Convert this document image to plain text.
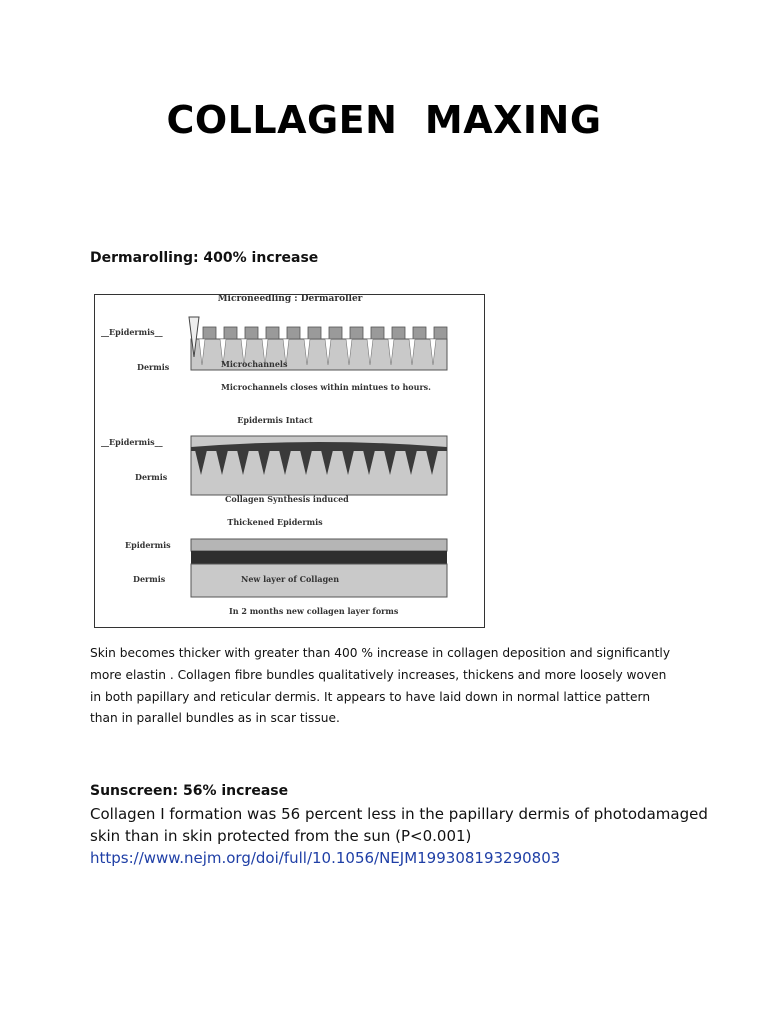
COLLAGEN  MAXING
Dermarolling: 400% increase
Microneedling : Dermaroller
__Epidermis__
Dermis	Microchannels
Microchannels closes within mintues to hours.
Epidermis Intact
__Epidermis__
Dermis
Collagen Synthesis induced
Thickened Epidermis
Epidermis
Dermis	New layer of Collagen
In 2 months new collagen layer forms
Skin becomes thicker with greater than 400 % increase in collagen deposition and significantly
more elastin . Collagen fibre bundles qualitatively increases, thickens and more loosely woven
in both papillary and reticular dermis. It appears to have laid down in normal lattice pattern
than in parallel bundles as in scar tissue.
Sunscreen: 56% increase
Collagen I formation was 56 percent less in the papillary dermis of photodamaged
skin than in skin protected from the sun (P<0.001)
https://www.nejm.org/doi/full/10.1056/NEJM199308193290803
